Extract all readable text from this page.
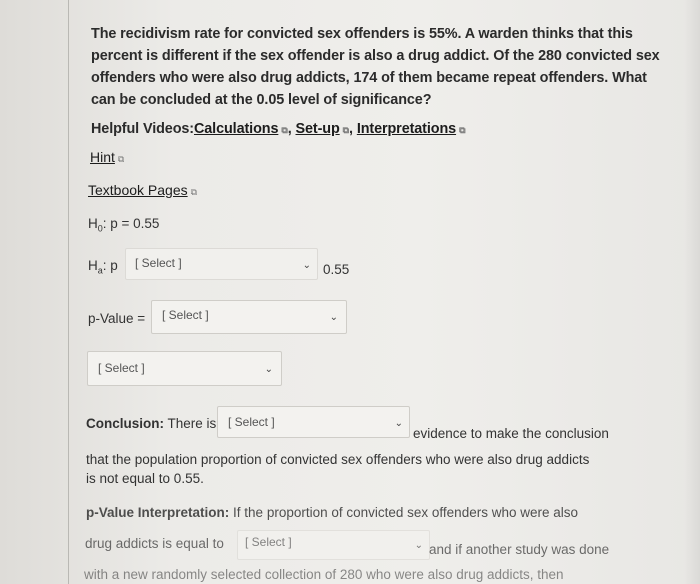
The recidivism rate for convicted sex offenders is 55%. A warden thinks that this
percent is different if the sex offender is also a drug addict. Of the 280 convicted sex
offenders who were also drug addicts, 174 of them became repeat offenders. What
can be concluded at the 0.05 level of significance?
Helpful Videos:Calculations ⧉, Set-up ⧉, Interpretations ⧉
Hint ⧉
Textbook Pages ⧉
$H_0$: p = 0.55
$H_a$: p [ Select ]	⌄ 0.55
p-Value = [ Select ]	⌄
[ Select ]	⌄
Conclusion: There is [ Select ]	⌄
evidence to make the conclusion
that the population proportion of convicted sex offenders who were also drug addicts
is not equal to 0.55.
p-Value Interpretation: If the proportion of convicted sex offenders who were also
drug addicts is equal to [ Select ]	⌄ and if another study was done
with a new randomly selected collection of 280 who were also drug addicts, then
